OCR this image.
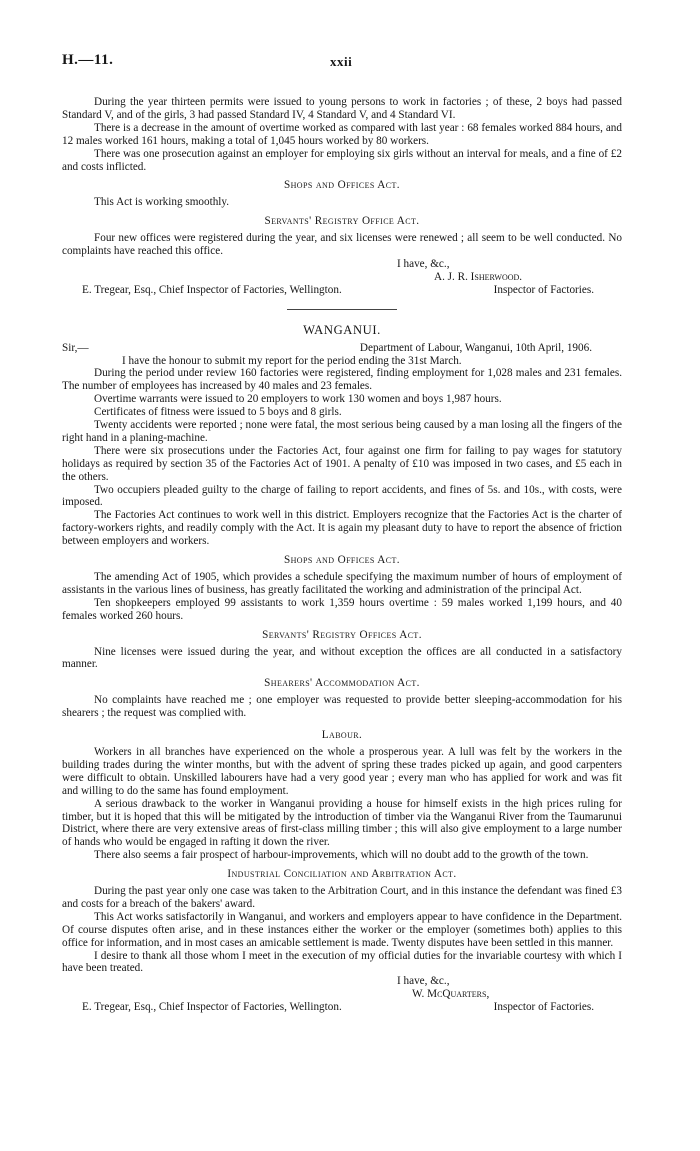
H.—11.	xxii

During the year thirteen permits were issued to young persons to work in factories ; of these, 2 boys had passed Standard V, and of the girls, 3 had passed Standard IV, 4 Standard V, and 4 Standard VI.

There is a decrease in the amount of overtime worked as compared with last year : 68 females worked 884 hours, and 12 males worked 161 hours, making a total of 1,045 hours worked by 80 workers.

There was one prosecution against an employer for employing six girls without an interval for meals, and a fine of £2 and costs inflicted.

Shops and Offices Act.

This Act is working smoothly.

Servants' Registry Office Act.

Four new offices were registered during the year, and six licenses were renewed ; all seem to be well conducted. No complaints have reached this office.

I have, &c.,

A. J. R. Isherwood.

E. Tregear, Esq., Chief Inspector of Factories, Wellington.	Inspector of Factories.
WANGANUI.
Sir,—	Department of Labour, Wanganui, 10th April, 1906.

I have the honour to submit my report for the period ending the 31st March.

During the period under review 160 factories were registered, finding employment for 1,028 males and 231 females. The number of employees has increased by 40 males and 23 females.

Overtime warrants were issued to 20 employers to work 130 women and boys 1,987 hours.

Certificates of fitness were issued to 5 boys and 8 girls.

Twenty accidents were reported ; none were fatal, the most serious being caused by a man losing all the fingers of the right hand in a planing-machine.

There were six prosecutions under the Factories Act, four against one firm for failing to pay wages for statutory holidays as required by section 35 of the Factories Act of 1901. A penalty of £10 was imposed in two cases, and £5 each in the others.

Two occupiers pleaded guilty to the charge of failing to report accidents, and fines of 5s. and 10s., with costs, were imposed.

The Factories Act continues to work well in this district. Employers recognize that the Factories Act is the charter of factory-workers rights, and readily comply with the Act. It is again my pleasant duty to have to report the absence of friction between employers and workers.

Shops and Offices Act.

The amending Act of 1905, which provides a schedule specifying the maximum number of hours of employment of assistants in the various lines of business, has greatly facilitated the working and administration of the principal Act.

Ten shopkeepers employed 99 assistants to work 1,359 hours overtime : 59 males worked 1,199 hours, and 40 females worked 260 hours.

Servants' Registry Offices Act.

Nine licenses were issued during the year, and without exception the offices are all conducted in a satisfactory manner.

Shearers' Accommodation Act.

No complaints have reached me ; one employer was requested to provide better sleeping-accommodation for his shearers ; the request was complied with.

Labour.

Workers in all branches have experienced on the whole a prosperous year. A lull was felt by the workers in the building trades during the winter months, but with the advent of spring these trades picked up again, and good carpenters were difficult to obtain. Unskilled labourers have had a very good year ; every man who has applied for work and was fit and willing to do the same has found employment.

A serious drawback to the worker in Wanganui providing a house for himself exists in the high prices ruling for timber, but it is hoped that this will be mitigated by the introduction of timber via the Wanganui River from the Taumarunui District, where there are very extensive areas of first-class milling timber ; this will also give employment to a large number of hands who would be engaged in rafting it down the river.

There also seems a fair prospect of harbour-improvements, which will no doubt add to the growth of the town.

Industrial Conciliation and Arbitration Act.

During the past year only one case was taken to the Arbitration Court, and in this instance the defendant was fined £3 and costs for a breach of the bakers' award.

This Act works satisfactorily in Wanganui, and workers and employers appear to have confidence in the Department. Of course disputes often arise, and in these instances either the worker or the employer (sometimes both) applies to this office for information, and in most cases an amicable settlement is made. Twenty disputes have been settled in this manner.

I desire to thank all those whom I meet in the execution of my official duties for the invariable courtesy with which I have been treated.

I have, &c.,

W. McQuarters,

E. Tregear, Esq., Chief Inspector of Factories, Wellington.	Inspector of Factories.
